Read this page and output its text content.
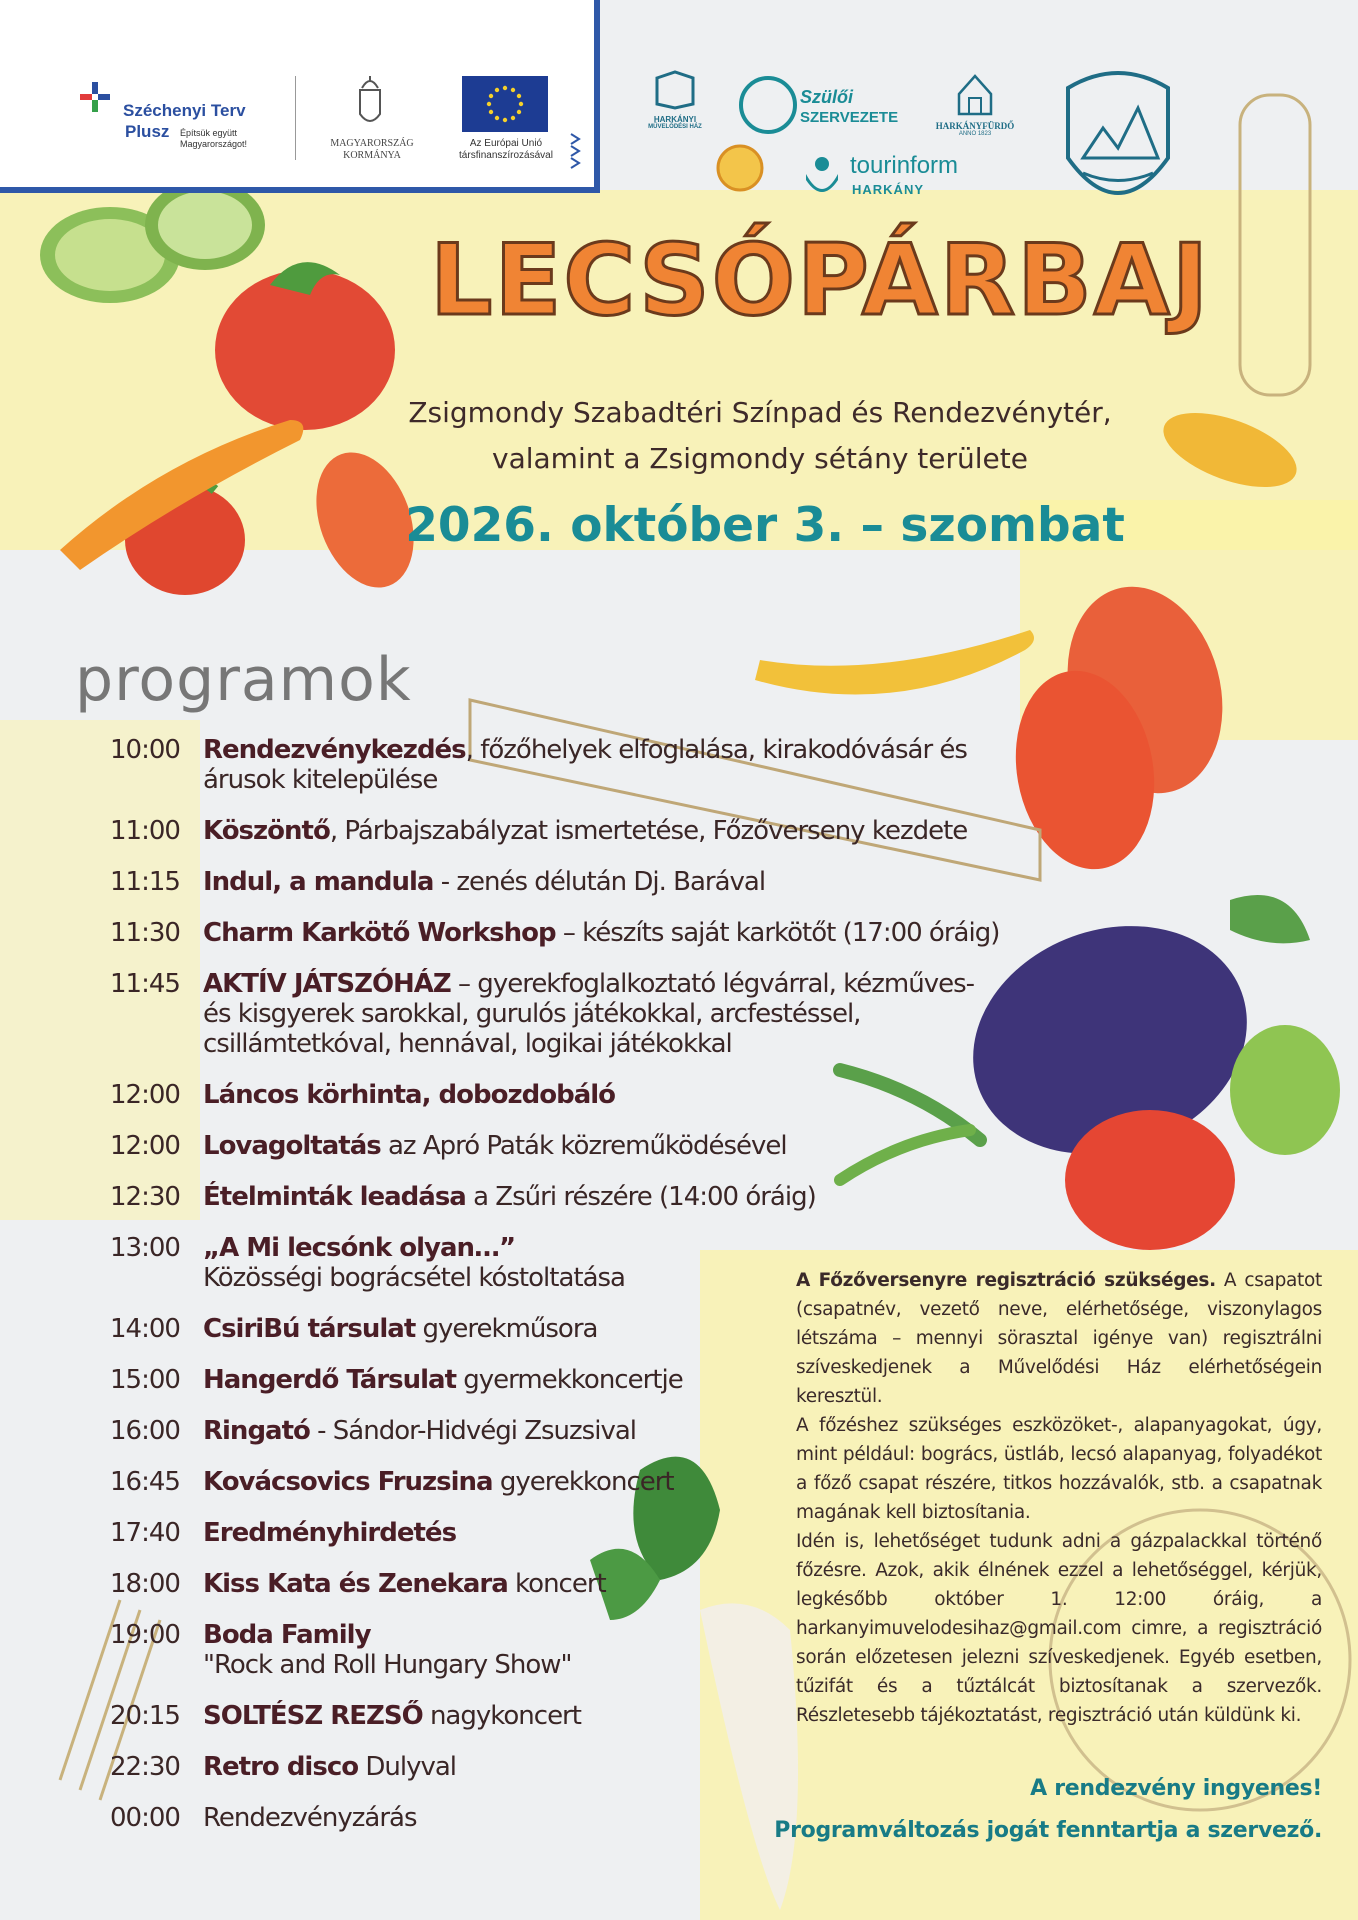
Széchenyi Terv
Plusz Építsük együtt Magyarországot!	MAGYARORSZÁG
KORMÁNYA
Az Európai Unió
társfinanszírozásával
HARKÁNYI
MŰVELŐDÉSI HÁZ
Szülői
SZERVEZETE	HARKÁNYFÜRDŐ
ANNO 1823
tourinform
HARKÁNY
LECSÓPÁRBAJ
Zsigmondy Szabadtéri Színpad és Rendezvénytér,
valamint a Zsigmondy sétány területe
2026. október 3. – szombat
programok
10:00 Rendezvénykezdés, főzőhelyek elfoglalása, kirakodóvásár és árusok kitelepülése
11:00 Köszöntő, Párbajszabályzat ismertetése, Főzőverseny kezdete
11:15 Indul, a mandula - zenés délután Dj. Barával
11:30 Charm Karkötő Workshop – készíts saját karkötőt (17:00 óráig)
11:45 AKTÍV JÁTSZÓHÁZ – gyerekfoglalkoztató légvárral, kézműves- és kisgyerek sarokkal, gurulós játékokkal, arcfestéssel, csillámtetkóval, hennával, logikai játékokkal
12:00 Láncos körhinta, dobozdobáló
12:00 Lovagoltatás az Apró Paták közreműködésével
12:30 Ételminták leadása a Zsűri részére (14:00 óráig)
13:00 „A Mi lecsónk olyan…”
Közösségi bográcsétel kóstoltatása
14:00 CsiriBú társulat gyerekműsora
15:00 Hangerdő Társulat gyermekkoncertje
16:00 Ringató - Sándor-Hidvégi Zsuzsival
16:45 Kovácsovics Fruzsina gyerekkoncert
17:40 Eredményhirdetés
18:00 Kiss Kata és Zenekara koncert
19:00 Boda Family
"Rock and Roll Hungary Show"
20:15 SOLTÉSZ REZSŐ nagykoncert
22:30 Retro disco Dulyval
00:00 Rendezvényzárás

A Főzőversenyre regisztráció szükséges. A csapatot (csapatnév, vezető neve, elérhetősége, viszonylagos létszáma – mennyi sörasztal igénye van) regisztrálni szíveskedjenek a Művelődési Ház elérhetőségein keresztül.

A főzéshez szükséges eszközöket-, alapanyagokat, úgy, mint például: bogrács, üstláb, lecsó alapanyag, folyadékot a főző csapat részére, titkos hozzávalók, stb. a csapatnak magának kell biztosítania.

Idén is, lehetőséget tudunk adni a gázpalackkal történő főzésre. Azok, akik élnének ezzel a lehetőséggel, kérjük, legkésőbb október 1. 12:00 óráig, a harkanyimuvelodesihaz@gmail.com cimre, a regisztráció során előzetesen jelezni szíveskedjenek. Egyéb esetben, tűzifát és a tűztálcát biztosítanak a szervezők. Részletesebb tájékoztatást, regisztráció után küldünk ki.

A rendezvény ingyenes!
Programváltozás jogát fenntartja a szervező.
